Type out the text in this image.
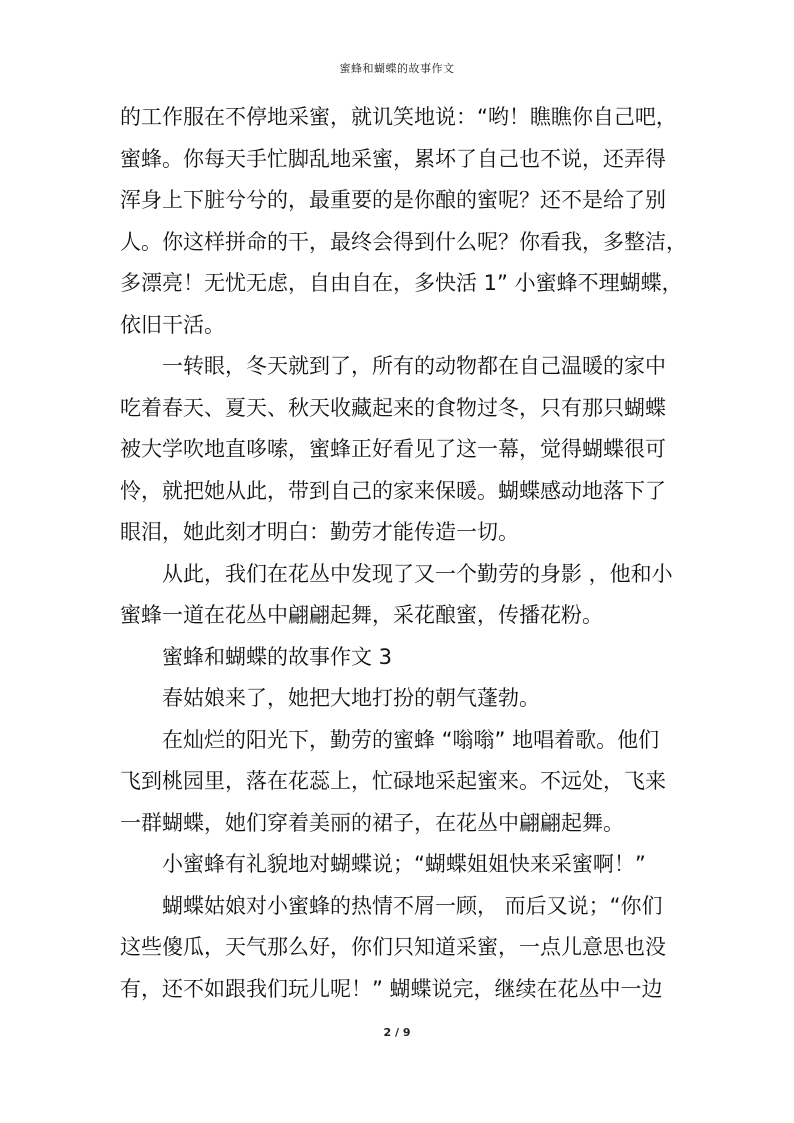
蜜蜂和蝴蝶的故事作文
的工作服在不停地采蜜，就讥笑地说：“哟！瞧瞧你自己吧，
蜜蜂。你每天手忙脚乱地采蜜，累坏了自己也不说，还弄得
浑身上下脏兮兮的，最重要的是你酿的蜜呢？还不是给了别
人。你这样拼命的干，最终会得到什么呢？你看我，多整洁，
多漂亮！无忧无虑，自由自在，多快活 1” 小蜜蜂不理蝴蝶，
依旧干活。
一转眼，冬天就到了，所有的动物都在自己温暖的家中
吃着春天、夏天、秋天收藏起来的食物过冬，只有那只蝴蝶
被大学吹地直哆嗦，蜜蜂正好看见了这一幕，觉得蝴蝶很可
怜，就把她从此，带到自己的家来保暖。蝴蝶感动地落下了
眼泪，她此刻才明白：勤劳才能传造一切。
从此，我们在花丛中发现了又一个勤劳的身影 ，他和小
蜜蜂一道在花丛中翩翩起舞，采花酿蜜，传播花粉。
蜜蜂和蝴蝶的故事作文 3
春姑娘来了，她把大地打扮的朝气蓬勃。
在灿烂的阳光下，勤劳的蜜蜂 “嗡嗡” 地唱着歌。他们
飞到桃园里，落在花蕊上，忙碌地采起蜜来。不远处，飞来
一群蝴蝶，她们穿着美丽的裙子，在花丛中翩翩起舞。
小蜜蜂有礼貌地对蝴蝶说；“蝴蝶姐姐快来采蜜啊！”
蝴蝶姑娘对小蜜蜂的热情不屑一顾， 而后又说；“你们
这些傻瓜，天气那么好，你们只知道采蜜，一点儿意思也没
有，还不如跟我们玩儿呢！” 蝴蝶说完，继续在花丛中一边
2 / 9
